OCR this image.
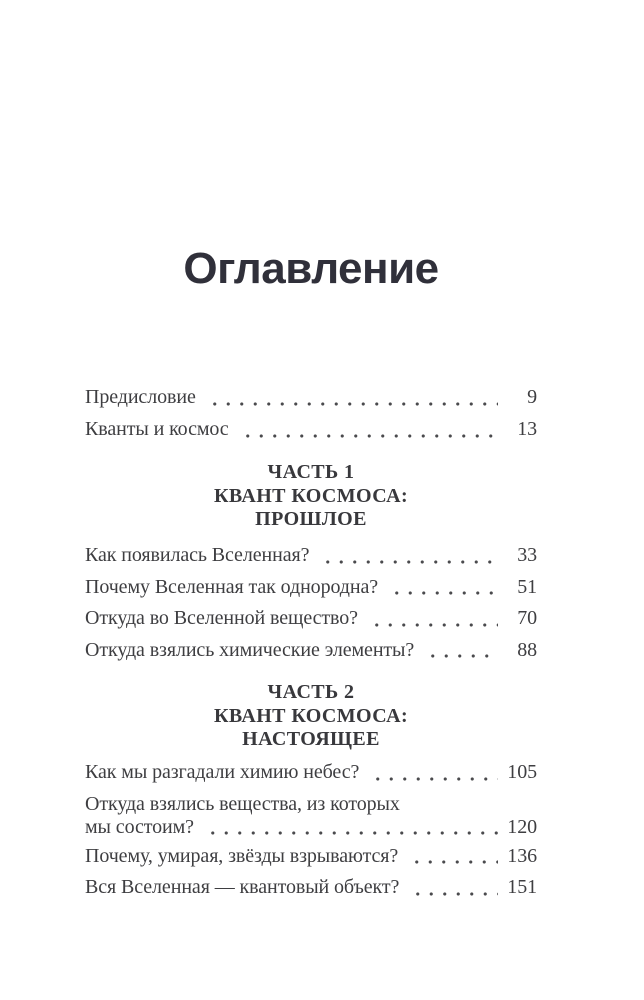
Оглавление
Предисловие	9
Кванты и космос	13
ЧАСТЬ 1
КВАНТ КОСМОСА:
ПРОШЛОЕ
Как появилась Вселенная?	33
Почему Вселенная так однородна?	51
Откуда во Вселенной вещество?	70
Откуда взялись химические элементы?	88
ЧАСТЬ 2
КВАНТ КОСМОСА:
НАСТОЯЩЕЕ
Как мы разгадали химию небес?	105
Откуда взялись вещества, из которых
мы состоим?	120
Почему, умирая, звёзды взрываются?	136
Вся Вселенная — квантовый объект?	151
